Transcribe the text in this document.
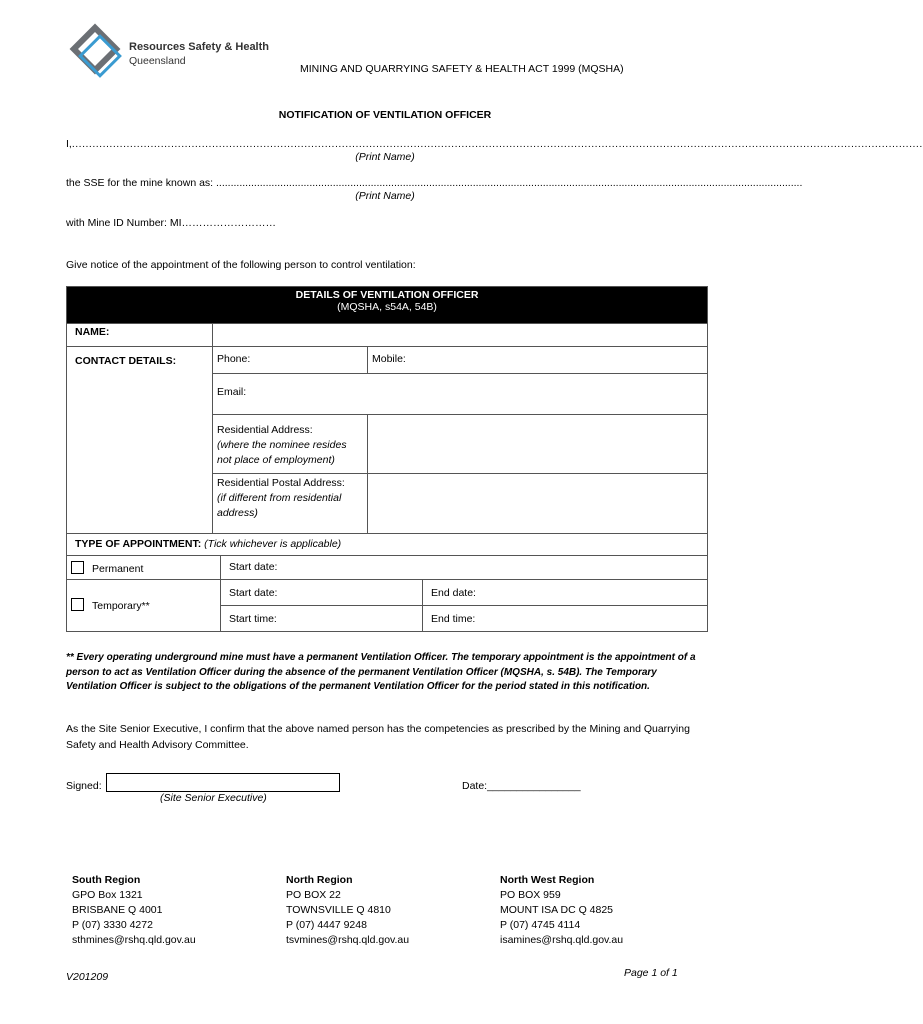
Resources Safety & Health
Queensland
MINING AND QUARRYING SAFETY & HEALTH ACT 1999 (MQSHA)
NOTIFICATION OF VENTILATION OFFICER
I,.........................................................................................................................................................................................................................................................
(Print Name)
the SSE for the mine known as: .........................................................................................................................................................................................................
(Print Name)
with Mine ID Number: MI………………………
Give notice of the appointment of the following person to control ventilation:
DETAILS OF VENTILATION OFFICER
(MQSHA, s54A, 54B)				

NAME:				
CONTACT DETAILS:	Phone:		Mobile:	
	Email:			

	Residential Address:
(where the nominee resides not place of employment)			

	Residential Postal Address:
(if different from residential address)			

TYPE OF APPOINTMENT: (Tick whichever is applicable)				
Permanent		Start date:		
Temporary**		Start date:		End date:
		Start time:		End time:
** Every operating underground mine must have a permanent Ventilation Officer. The temporary appointment is the appointment of a person to act as Ventilation Officer during the absence of the permanent Ventilation Officer (MQSHA, s. 54B). The Temporary Ventilation Officer is subject to the obligations of the permanent Ventilation Officer for the period stated in this notification.
As the Site Senior Executive, I confirm that the above named person has the competencies as prescribed by the Mining and Quarrying Safety and Health Advisory Committee.
Signed:
(Site Senior Executive)
Date:________________
South Region
GPO Box 1321
BRISBANE Q 4001
P (07) 3330 4272
sthmines@rshq.qld.gov.au
North Region
PO BOX 22
TOWNSVILLE Q 4810
P (07) 4447 9248
tsvmines@rshq.qld.gov.au
North West Region
PO BOX 959
MOUNT ISA DC Q 4825
P (07) 4745 4114
isamines@rshq.qld.gov.au
V201209	Page 1 of 1
